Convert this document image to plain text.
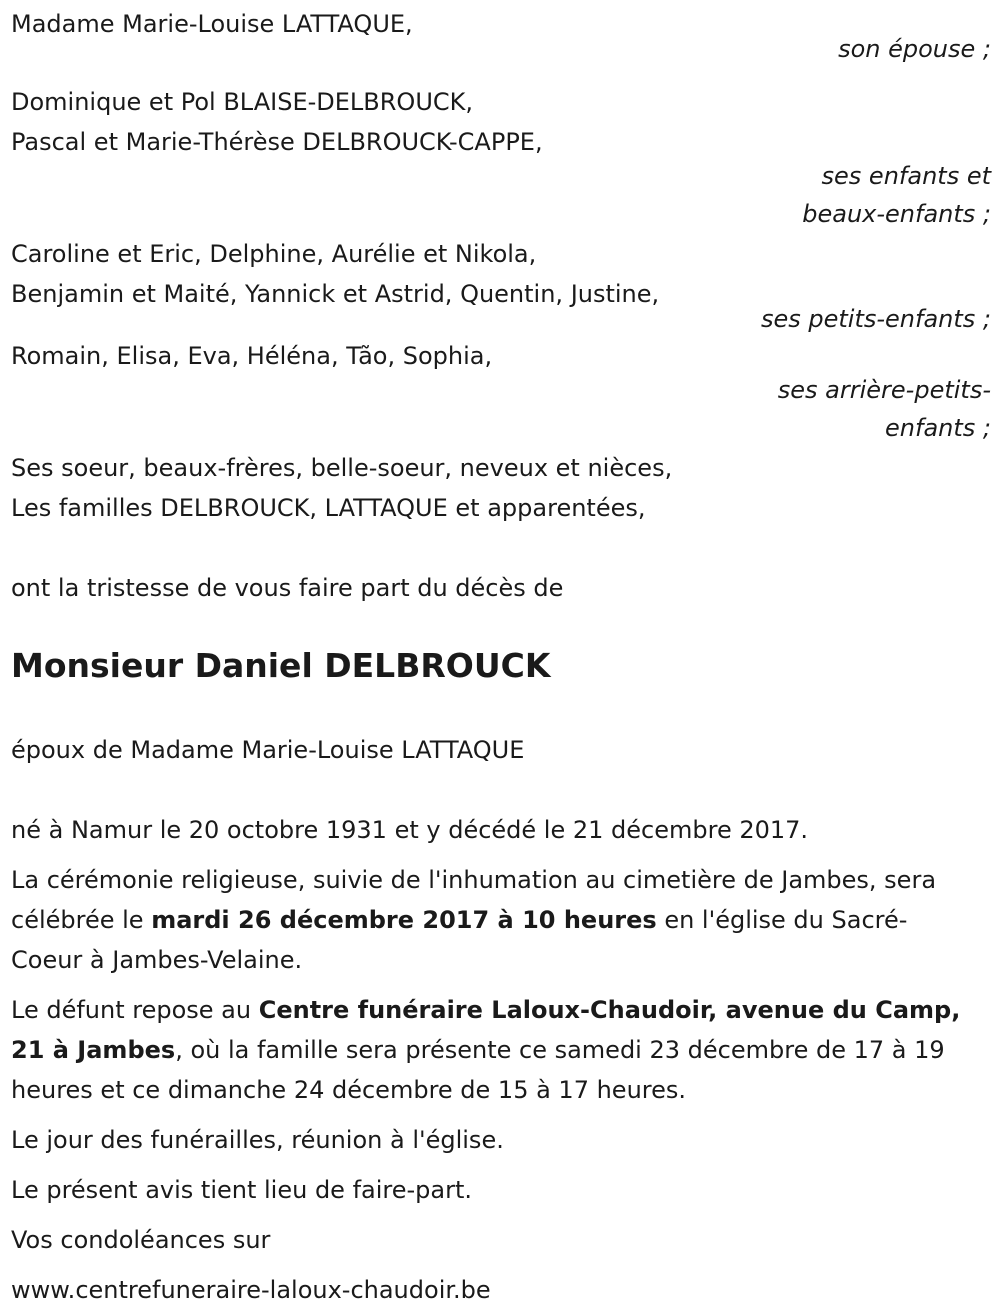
Madame Marie-Louise LATTAQUE,
son épouse ;
Dominique et Pol BLAISE-DELBROUCK,
Pascal et Marie-Thérèse DELBROUCK-CAPPE,
ses enfants et
beaux-enfants ;
Caroline et Eric, Delphine, Aurélie et Nikola,
Benjamin et Maité, Yannick et Astrid, Quentin, Justine,
ses petits-enfants ;
Romain, Elisa, Eva, Héléna, Tão, Sophia,
ses arrière-petits-
enfants ;
Ses soeur, beaux-frères, belle-soeur, neveux et nièces,
Les familles DELBROUCK, LATTAQUE et apparentées,
ont la tristesse de vous faire part du décès de
Monsieur Daniel DELBROUCK
époux de Madame Marie-Louise LATTAQUE
né à Namur le 20 octobre 1931 et y décédé le 21 décembre 2017.
La cérémonie religieuse, suivie de l'inhumation au cimetière de Jambes, sera célébrée le mardi 26 décembre 2017 à 10 heures en l'église du Sacré-Coeur à Jambes-Velaine.
Le défunt repose au Centre funéraire Laloux-Chaudoir, avenue du Camp, 21 à Jambes, où la famille sera présente ce samedi 23 décembre de 17 à 19 heures et ce dimanche 24 décembre de 15 à 17 heures.
Le jour des funérailles, réunion à l'église.
Le présent avis tient lieu de faire-part.
Vos condoléances sur
www.centrefuneraire-laloux-chaudoir.be
